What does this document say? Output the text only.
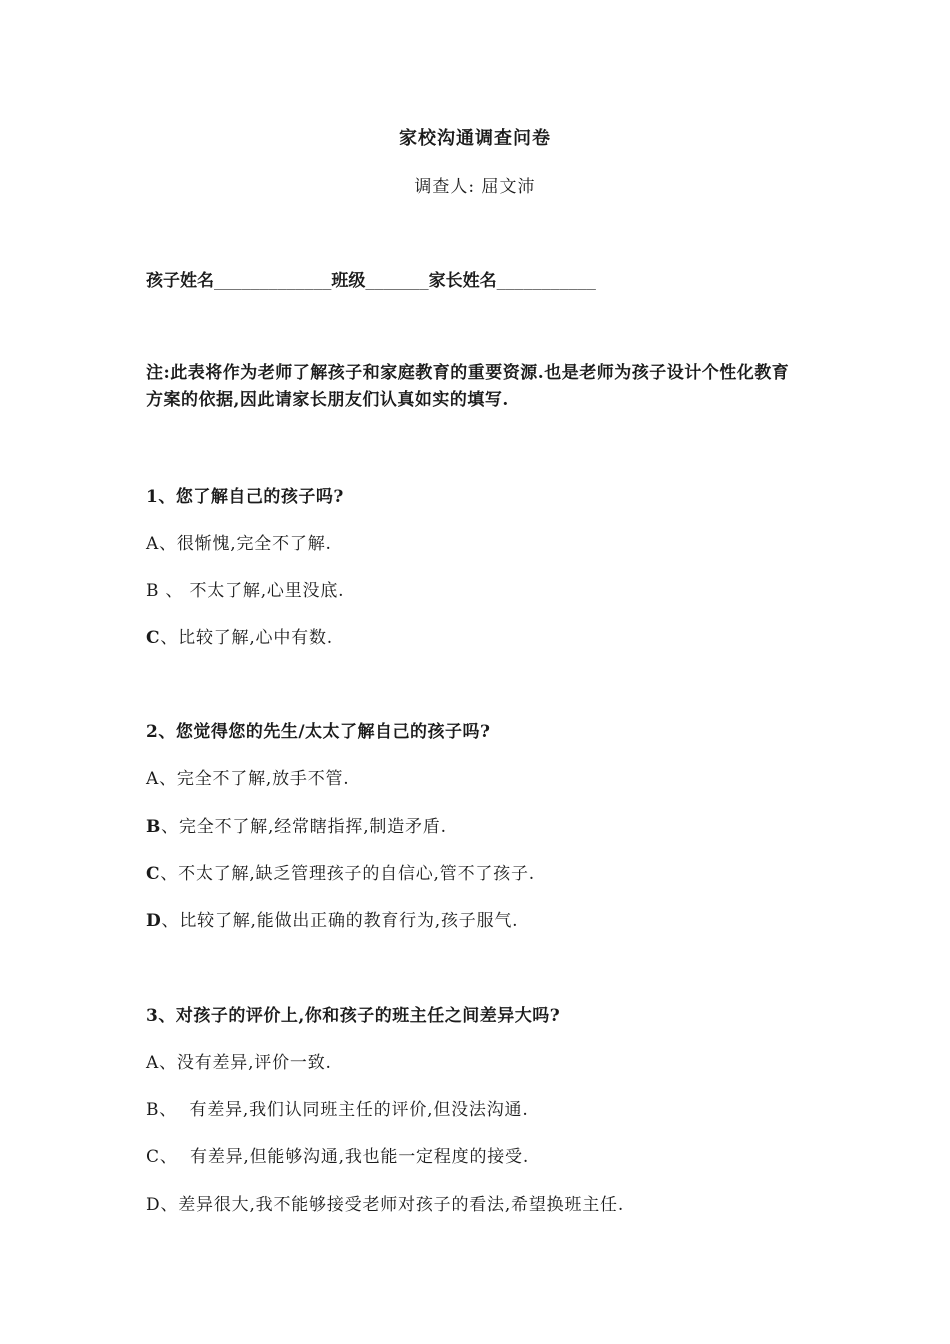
家校沟通调查问卷
调查人: 屈文沛
孩子姓名_____________班级_______家长姓名___________
注:此表将作为老师了解孩子和家庭教育的重要资源.也是老师为孩子设计个性化教育方案的依据,因此请家长朋友们认真如实的填写.
1、您了解自己的孩子吗?
A、很惭愧,完全不了解.
B 、 不太了解,心里没底.
C、比较了解,心中有数.
2、您觉得您的先生/太太了解自己的孩子吗?
A、完全不了解,放手不管.
B、完全不了解,经常瞎指挥,制造矛盾.
C、不太了解,缺乏管理孩子的自信心,管不了孩子.
D、比较了解,能做出正确的教育行为,孩子服气.
3、对孩子的评价上,你和孩子的班主任之间差异大吗?
A、没有差异,评价一致.
B、  有差异,我们认同班主任的评价,但没法沟通.
C、  有差异,但能够沟通,我也能一定程度的接受.
D、差异很大,我不能够接受老师对孩子的看法,希望换班主任.
